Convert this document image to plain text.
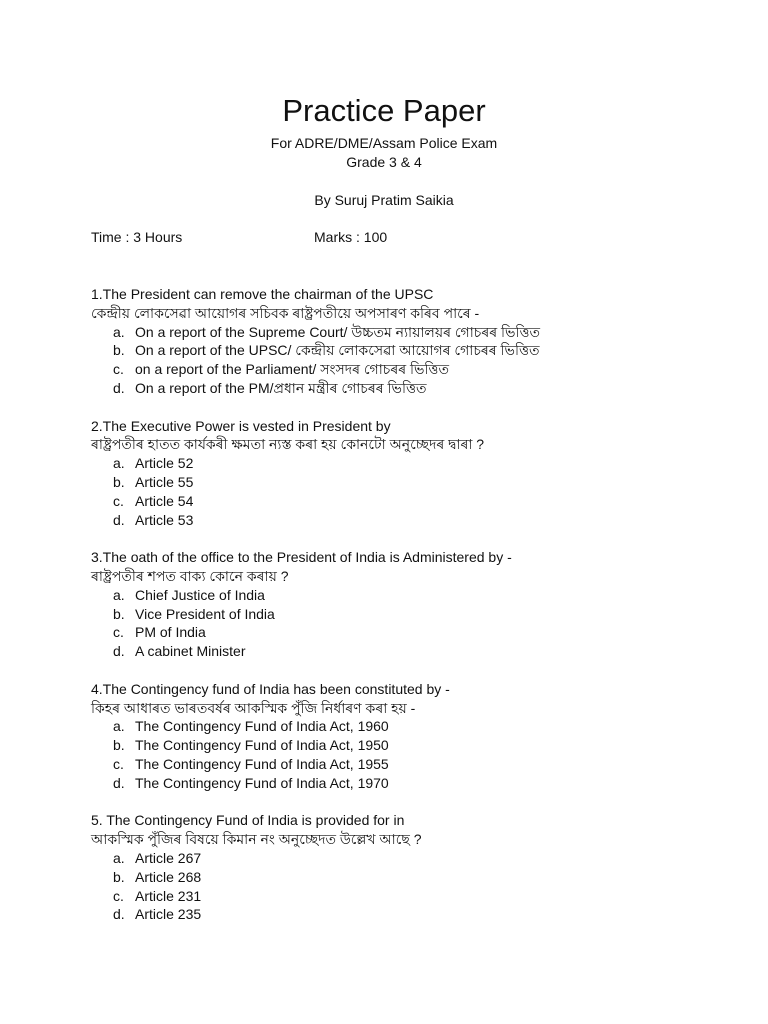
Practice Paper
For ADRE/DME/Assam Police Exam
Grade 3 & 4
By Suruj Pratim Saikia
Time : 3 Hours	Marks : 100
1.The President can remove the chairman of the UPSC
কেন্দ্ৰীয় লোকসেৱা আয়োগৰ সচিবক ৰাষ্ট্ৰপতীয়ে অপসাৰণ কৰিব পাৰে -
a. On a report of the Supreme Court/ উচ্চতম ন্যায়ালয়ৰ গোচৰৰ ভিত্তিত
b. On a report of the UPSC/ কেন্দ্ৰীয় লোকসেৱা আয়োগৰ গোচৰৰ ভিত্তিত
c. on a report of the Parliament/ সংসদৰ গোচৰৰ ভিত্তিত
d. On a report of the PM/প্ৰধান মন্ত্ৰীৰ গোচৰৰ ভিত্তিত
2.The Executive Power is vested in President by
ৰাষ্ট্ৰপতীৰ হাতত কাৰ্যকৰী ক্ষমতা ন্যস্ত কৰা হয় কোনটো অনুচ্ছেদৰ দ্বাৰা ?
a. Article 52
b. Article 55
c. Article 54
d. Article 53
3.The oath of the office to the President of India is Administered by -
ৰাষ্ট্ৰপতীৰ শপত বাক্য কোনে কৰায় ?
a. Chief Justice of India
b. Vice President of India
c. PM of India
d. A cabinet Minister
4.The Contingency fund of India has been constituted by -
কিহৰ আধাৰত ভাৰতবৰ্ষৰ আকস্মিক পুঁজি নিৰ্ধাৰণ কৰা হয় -
a. The Contingency Fund of India Act, 1960
b. The Contingency Fund of India Act, 1950
c. The Contingency Fund of India Act, 1955
d. The Contingency Fund of India Act, 1970
5. The Contingency Fund of India is provided for in
আকস্মিক পুঁজিৰ বিষয়ে কিমান নং অনুচ্ছেদত উল্লেখ আছে ?
a. Article 267
b. Article 268
c. Article 231
d. Article 235
